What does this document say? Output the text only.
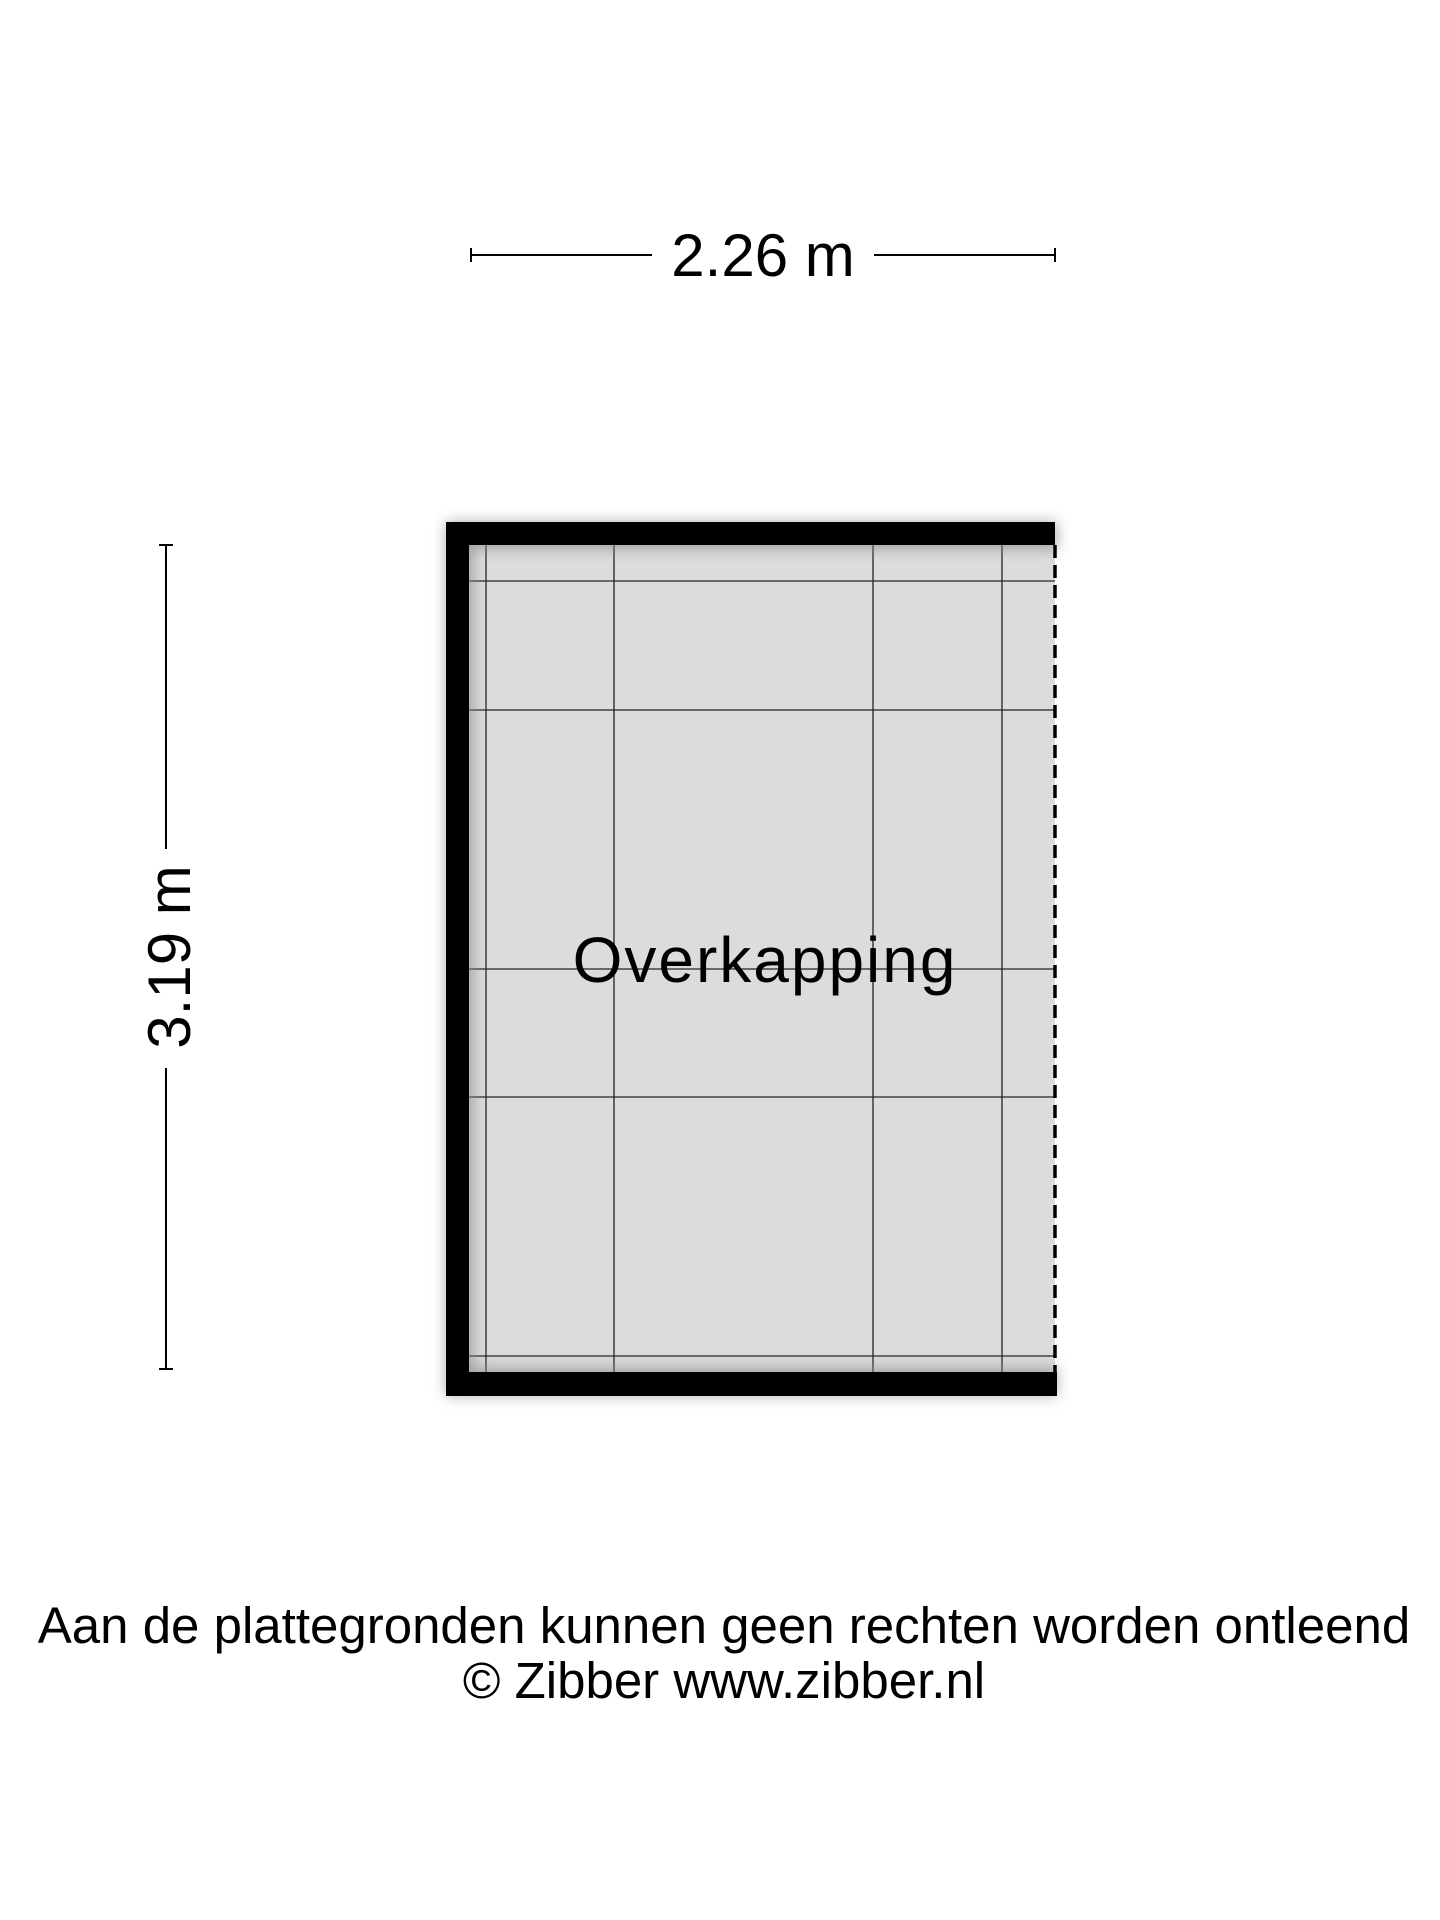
2.26 m
3.19 m	Overkapping
Aan de plattegronden kunnen geen rechten worden ontleend
© Zibber www.zibber.nl
